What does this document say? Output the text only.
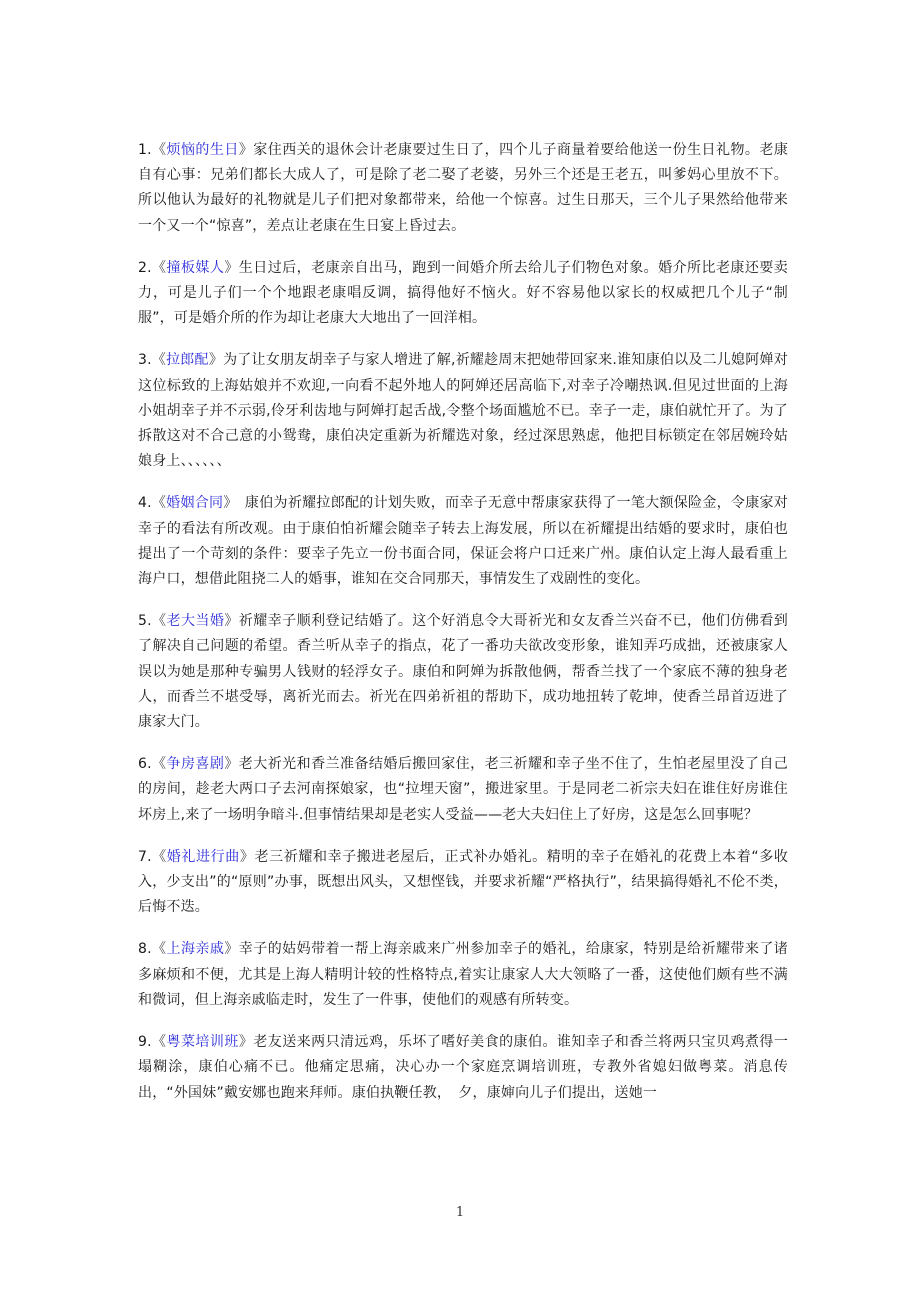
1.《烦恼的生日》家住西关的退休会计老康要过生日了，四个儿子商量着要给他送一份生日礼物。老康自有心事：兄弟们都长大成人了，可是除了老二娶了老婆，另外三个还是王老五，叫爹妈心里放不下。所以他认为最好的礼物就是儿子们把对象都带来，给他一个惊喜。过生日那天，三个儿子果然给他带来一个又一个“惊喜”，差点让老康在生日宴上昏过去。

2.《撞板媒人》生日过后，老康亲自出马，跑到一间婚介所去给儿子们物色对象。婚介所比老康还要卖力，可是儿子们一个个地跟老康唱反调，搞得他好不恼火。好不容易他以家长的权威把几个儿子“制服”，可是婚介所的作为却让老康大大地出了一回洋相。

3.《拉郎配》为了让女朋友胡幸子与家人增进了解,祈耀趁周末把她带回家来.谁知康伯以及二儿媳阿婵对这位标致的上海姑娘并不欢迎,一向看不起外地人的阿婵还居高临下,对幸子冷嘲热讽.但见过世面的上海小姐胡幸子并不示弱,伶牙利齿地与阿婵打起舌战,令整个场面尴尬不已。幸子一走，康伯就忙开了。为了拆散这对不合己意的小鸳鸯，康伯决定重新为祈耀选对象，经过深思熟虑，他把目标锁定在邻居婉玲姑娘身上、、、、、、

4.《婚姻合同》　康伯为祈耀拉郎配的计划失败，而幸子无意中帮康家获得了一笔大额保险金，令康家对幸子的看法有所改观。由于康伯怕祈耀会随幸子转去上海发展，所以在祈耀提出结婚的要求时，康伯也提出了一个苛刻的条件：要幸子先立一份书面合同，保证会将户口迁来广州。康伯认定上海人最看重上海户口，想借此阻挠二人的婚事，谁知在交合同那天，事情发生了戏剧性的变化。

5.《老大当婚》祈耀幸子顺利登记结婚了。这个好消息令大哥祈光和女友香兰兴奋不已，他们仿佛看到了解决自己问题的希望。香兰听从幸子的指点，花了一番功夫欲改变形象，谁知弄巧成拙，还被康家人误以为她是那种专骗男人钱财的轻浮女子。康伯和阿婵为拆散他俩，帮香兰找了一个家底不薄的独身老人，而香兰不堪受辱，离祈光而去。祈光在四弟祈祖的帮助下，成功地扭转了乾坤，使香兰昂首迈进了康家大门。

6.《争房喜剧》老大祈光和香兰准备结婚后搬回家住，老三祈耀和幸子坐不住了，生怕老屋里没了自己的房间，趁老大两口子去河南探娘家，也“拉埋天窗”，搬进家里。于是同老二祈宗夫妇在谁住好房谁住坏房上,来了一场明争暗斗.但事情结果却是老实人受益——老大夫妇住上了好房，这是怎么回事呢？

7.《婚礼进行曲》老三祈耀和幸子搬进老屋后，正式补办婚礼。精明的幸子在婚礼的花费上本着“多收入，少支出”的“原则”办事，既想出风头，又想悭钱，并要求祈耀“严格执行”，结果搞得婚礼不伦不类，后悔不迭。

8.《上海亲戚》幸子的姑妈带着一帮上海亲戚来广州参加幸子的婚礼，给康家，特别是给祈耀带来了诸多麻烦和不便，尤其是上海人精明计较的性格特点,着实让康家人大大领略了一番，这使他们颇有些不满和微词，但上海亲戚临走时，发生了一件事，使他们的观感有所转变。

9.《粤菜培训班》老友送来两只清远鸡，乐坏了嗜好美食的康伯。谁知幸子和香兰将两只宝贝鸡煮得一塌糊涂，康伯心痛不已。他痛定思痛，决心办一个家庭烹调培训班，专教外省媳妇做粤菜。消息传出，“外国妹”戴安娜也跑来拜师。康伯执鞭任教，　夕，康婶向儿子们提出，送她一

1
